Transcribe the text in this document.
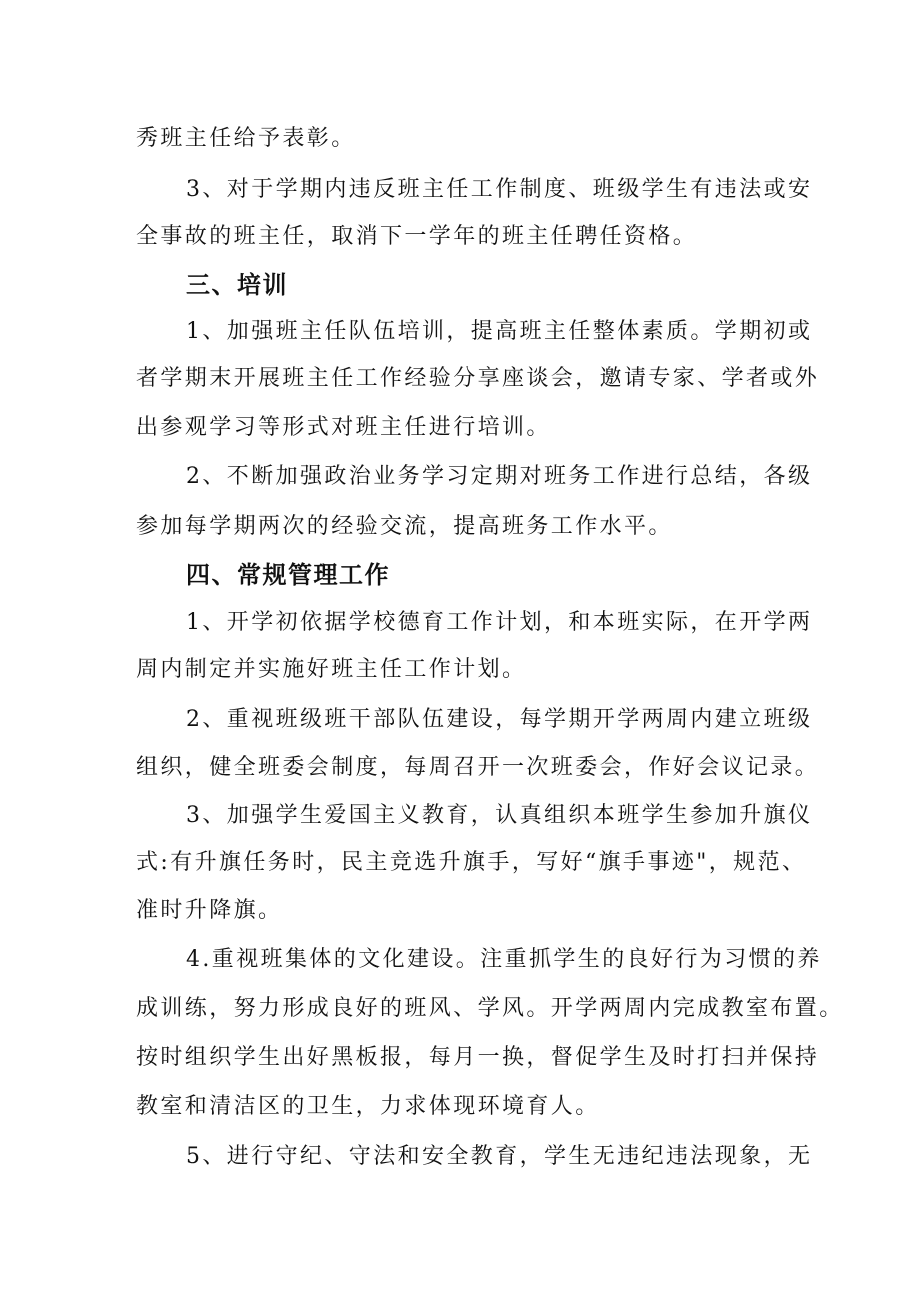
秀班主任给予表彰。
3、对于学期内违反班主任工作制度、班级学生有违法或安
全事故的班主任，取消下一学年的班主任聘任资格。
三、培训
1、加强班主任队伍培训，提高班主任整体素质。学期初或
者学期末开展班主任工作经验分享座谈会，邀请专家、学者或外
出参观学习等形式对班主任进行培训。
2、不断加强政治业务学习定期对班务工作进行总结，各级
参加每学期两次的经验交流，提高班务工作水平。
四、常规管理工作
1、开学初依据学校德育工作计划，和本班实际，在开学两
周内制定并实施好班主任工作计划。
2、重视班级班干部队伍建设，每学期开学两周内建立班级
组织，健全班委会制度，每周召开一次班委会，作好会议记录。
3、加强学生爱国主义教育，认真组织本班学生参加升旗仪
式:有升旗任务时，民主竞选升旗手，写好“旗手事迹"，规范、
准时升降旗。
4.重视班集体的文化建设。注重抓学生的良好行为习惯的养
成训练，努力形成良好的班风、学风。开学两周内完成教室布置。
按时组织学生出好黑板报，每月一换，督促学生及时打扫并保持
教室和清洁区的卫生，力求体现环境育人。
5、进行守纪、守法和安全教育，学生无违纪违法现象，无
